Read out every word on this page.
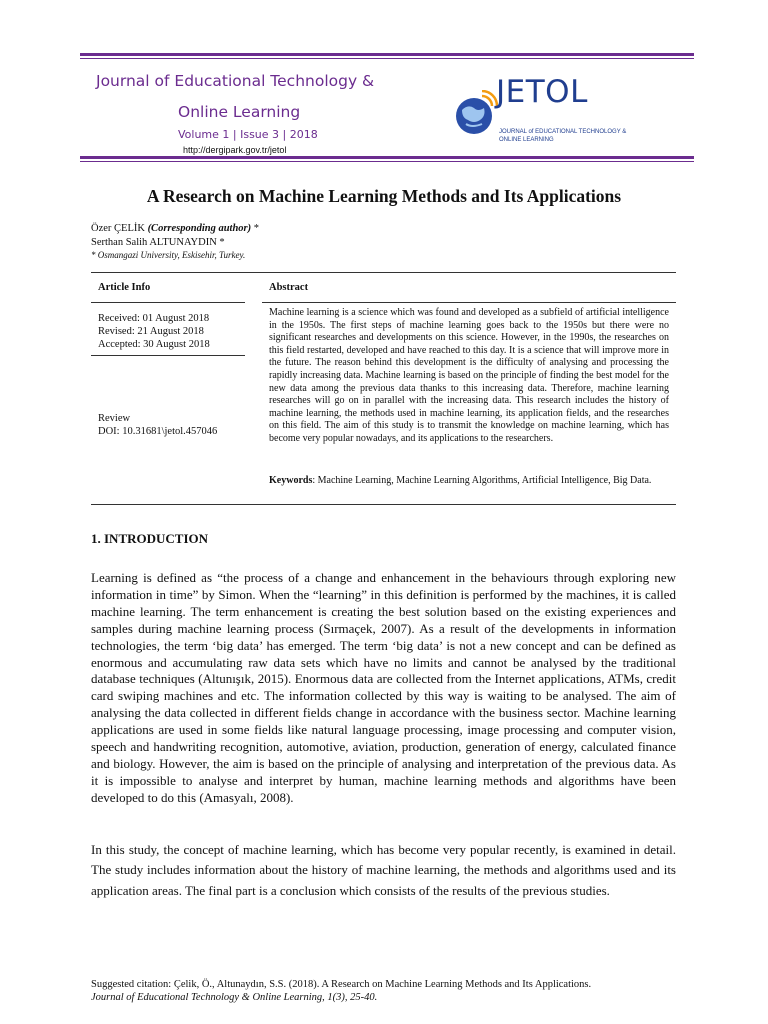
Journal of Educational Technology &
Online Learning
Volume 1 | Issue 3 | 2018
http://dergipark.gov.tr/jetol
JETOL
JOURNAL of EDUCATIONAL TECHNOLOGY &
ONLINE LEARNING
A Research on Machine Learning Methods and Its Applications
Özer ÇELİK (Corresponding author) *
Serthan Salih ALTUNAYDIN *
* Osmangazi University, Eskisehir, Turkey.
Article Info	Abstract
Received: 01 August 2018
Revised: 21 August 2018
Accepted: 30 August 2018
Review
DOI: 10.31681\jetol.457046
Machine learning is a science which was found and developed as a subfield of artificial intelligence in the 1950s. The first steps of machine learning goes back to the 1950s but there were no significant researches and developments on this science. However, in the 1990s, the researches on this field restarted, developed and have reached to this day. It is a science that will improve more in the future. The reason behind this development is the difficulty of analysing and processing the rapidly increasing data. Machine learning is based on the principle of finding the best model for the new data among the previous data thanks to this increasing data. Therefore, machine learning researches will go on in parallel with the increasing data. This research includes the history of machine learning, the methods used in machine learning, its application fields, and the researches on this field. The aim of this study is to transmit the knowledge on machine learning, which has become very popular nowadays, and its applications to the researchers.
Keywords: Machine Learning, Machine Learning Algorithms, Artificial Intelligence, Big Data.
1. INTRODUCTION
Learning is defined as “the process of a change and enhancement in the behaviours through exploring new information in time” by Simon. When the “learning” in this definition is performed by the machines, it is called machine learning. The term enhancement is creating the best solution based on the existing experiences and samples during machine learning process (Sırmaçek, 2007). As a result of the developments in information technologies, the term ‘big data’ has emerged. The term ‘big data’ is not a new concept and can be defined as enormous and accumulating raw data sets which have no limits and cannot be analysed by the traditional database techniques (Altunışık, 2015). Enormous data are collected from the Internet applications, ATMs, credit card swiping machines and etc. The information collected by this way is waiting to be analysed. The aim of analysing the data collected in different fields change in accordance with the business sector. Machine learning applications are used in some fields like natural language processing, image processing and computer vision, speech and handwriting recognition, automotive, aviation, production, generation of energy, calculated finance and biology. However, the aim is based on the principle of analysing and interpretation of the previous data. As it is impossible to analyse and interpret by human, machine learning methods and algorithms have been developed to do this (Amasyalı, 2008).
In this study, the concept of machine learning, which has become very popular recently, is examined in detail. The study includes information about the history of machine learning, the methods and algorithms used and its application areas. The final part is a conclusion which consists of the results of the previous studies.
Suggested citation: Çelik, Ö., Altunaydın, S.S. (2018). A Research on Machine Learning Methods and Its Applications.
Journal of Educational Technology & Online Learning, 1(3), 25-40.
